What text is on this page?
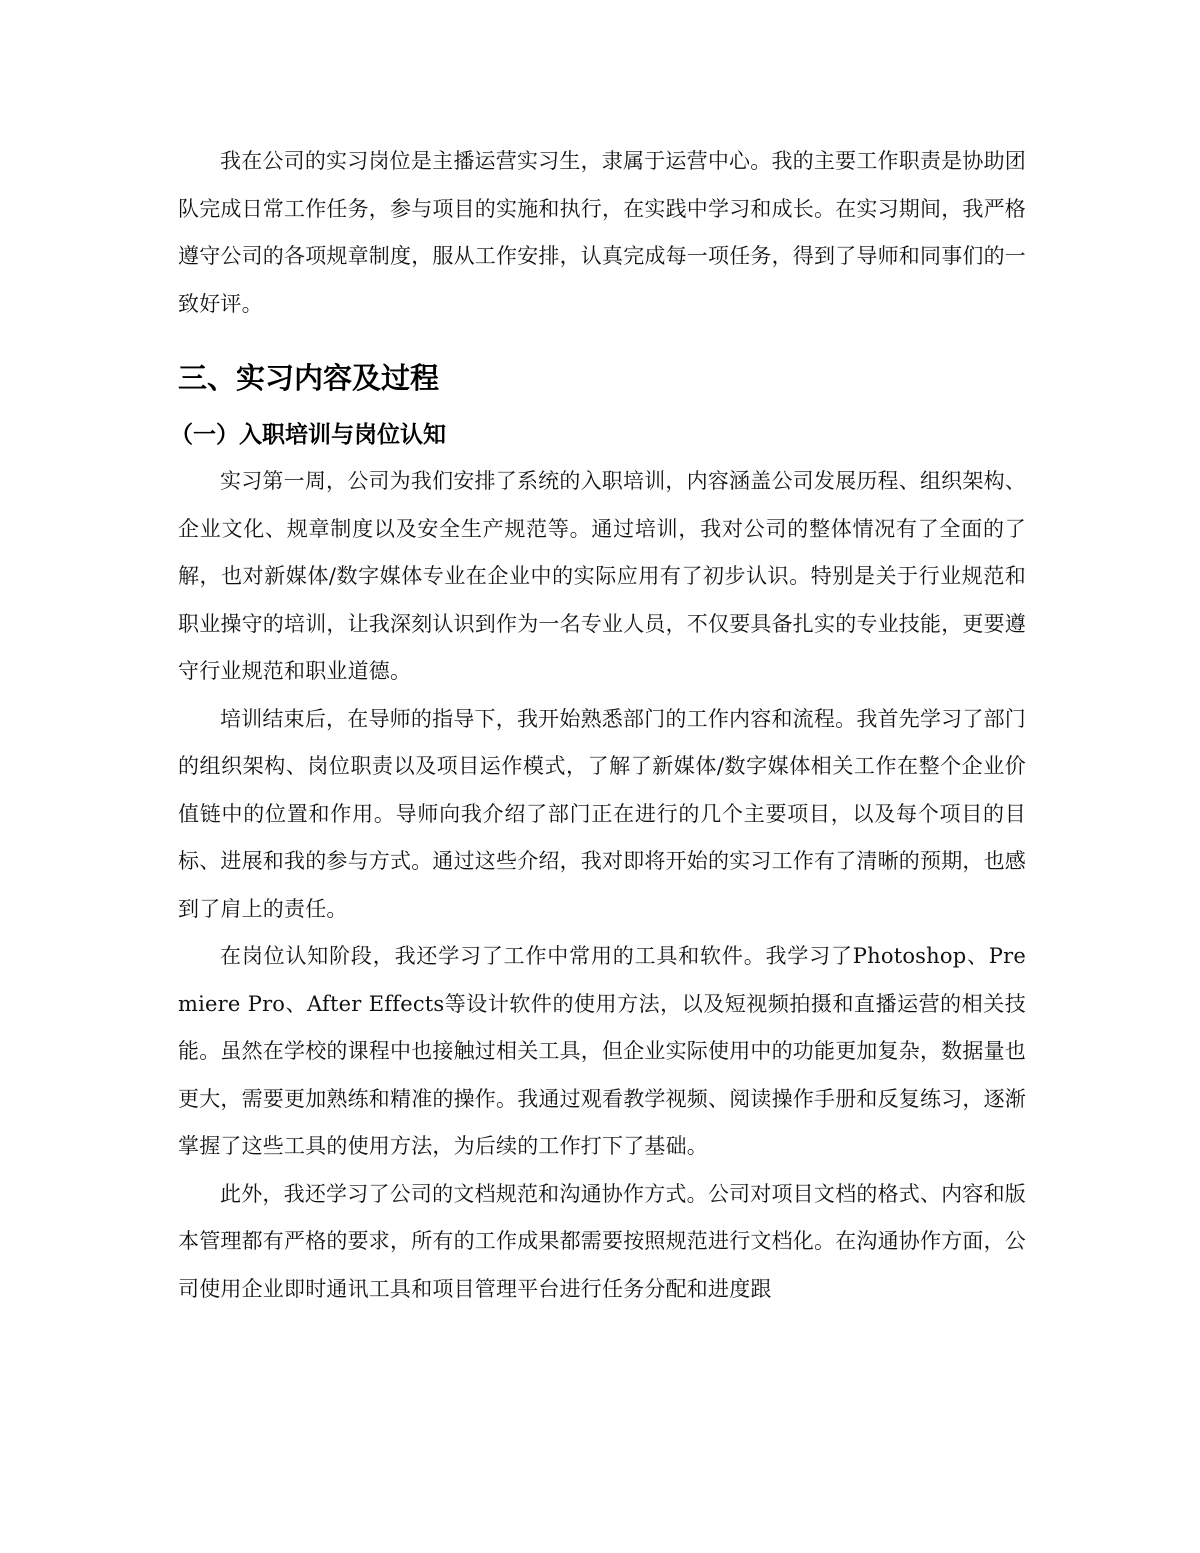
我在公司的实习岗位是主播运营实习生，隶属于运营中心。我的主要工作职责是协助团队完成日常工作任务，参与项目的实施和执行，在实践中学习和成长。在实习期间，我严格遵守公司的各项规章制度，服从工作安排，认真完成每一项任务，得到了导师和同事们的一致好评。

三、实习内容及过程
（一）入职培训与岗位认知

实习第一周，公司为我们安排了系统的入职培训，内容涵盖公司发展历程、组织架构、企业文化、规章制度以及安全生产规范等。通过培训，我对公司的整体情况有了全面的了解，也对新媒体/数字媒体专业在企业中的实际应用有了初步认识。特别是关于行业规范和职业操守的培训，让我深刻认识到作为一名专业人员，不仅要具备扎实的专业技能，更要遵守行业规范和职业道德。

培训结束后，在导师的指导下，我开始熟悉部门的工作内容和流程。我首先学习了部门的组织架构、岗位职责以及项目运作模式，了解了新媒体/数字媒体相关工作在整个企业价值链中的位置和作用。导师向我介绍了部门正在进行的几个主要项目，以及每个项目的目标、进展和我的参与方式。通过这些介绍，我对即将开始的实习工作有了清晰的预期，也感到了肩上的责任。

在岗位认知阶段，我还学习了工作中常用的工具和软件。我学习了Photoshop、Premiere Pro、After Effects等设计软件的使用方法，以及短视频拍摄和直播运营的相关技能。虽然在学校的课程中也接触过相关工具，但企业实际使用中的功能更加复杂，数据量也更大，需要更加熟练和精准的操作。我通过观看教学视频、阅读操作手册和反复练习，逐渐掌握了这些工具的使用方法，为后续的工作打下了基础。

此外，我还学习了公司的文档规范和沟通协作方式。公司对项目文档的格式、内容和版本管理都有严格的要求，所有的工作成果都需要按照规范进行文档化。在沟通协作方面，公司使用企业即时通讯工具和项目管理平台进行任务分配和进度跟
